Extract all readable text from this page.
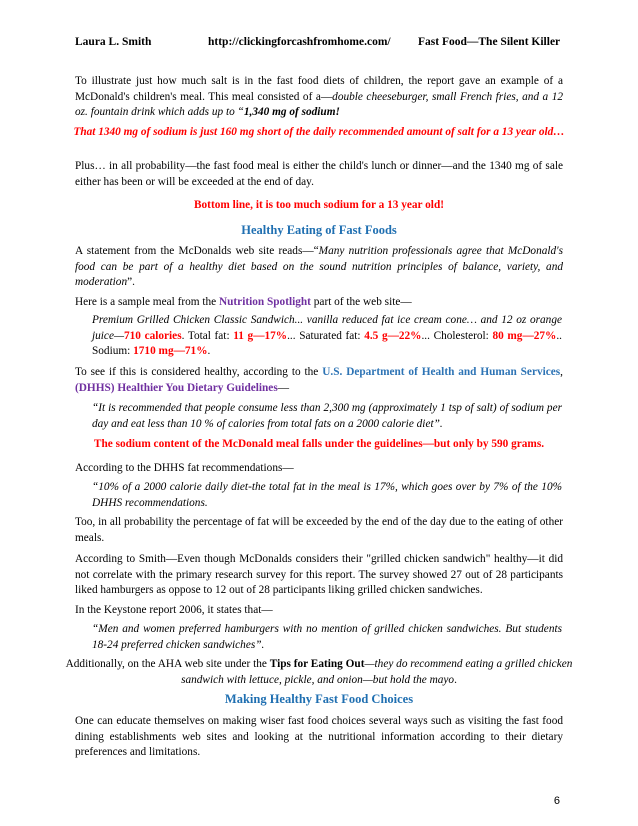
Laura L. Smith	http://clickingforcashfromhome.com/ Fast Food—The Silent Killer
To illustrate just how much salt is in the fast food diets of children, the report gave an example of a McDonald's children's meal. This meal consisted of a—double cheeseburger, small French fries, and a 12 oz. fountain drink which adds up to “1,340 mg of sodium!
That 1340 mg of sodium is just 160 mg short of the daily recommended amount of salt for a 13 year old…
Plus… in all probability—the fast food meal is either the child's lunch or dinner—and the 1340 mg of sale either has been or will be exceeded at the end of day.
Bottom line, it is too much sodium for a 13 year old!
Healthy Eating of Fast Foods
A statement from the McDonalds web site reads—“Many nutrition professionals agree that McDonald's food can be part of a healthy diet based on the sound nutrition principles of balance, variety, and moderation”.
Here is a sample meal from the Nutrition Spotlight part of the web site—
Premium Grilled Chicken Classic Sandwich... vanilla reduced fat ice cream cone… and 12 oz orange juice—710 calories. Total fat: 11 g—17%... Saturated fat: 4.5 g—22%... Cholesterol: 80 mg—27%.. Sodium: 1710 mg—71%.
To see if this is considered healthy, according to the U.S. Department of Health and Human Services, (DHHS) Healthier You Dietary Guidelines—
“It is recommended that people consume less than 2,300 mg (approximately 1 tsp of salt) of sodium per day and eat less than 10 % of calories from total fats on a 2000 calorie diet”.
The sodium content of the McDonald meal falls under the guidelines—but only by 590 grams.
According to the DHHS fat recommendations—
“10% of a 2000 calorie daily diet-the total fat in the meal is 17%, which goes over by 7% of the 10% DHHS recommendations.
Too, in all probability the percentage of fat will be exceeded by the end of the day due to the eating of other meals.
According to Smith—Even though McDonalds considers their "grilled chicken sandwich" healthy—it did not correlate with the primary research survey for this report. The survey showed 27 out of 28 participants liked hamburgers as oppose to 12 out of 28 participants liking grilled chicken sandwiches.
In the Keystone report 2006, it states that—
“Men and women preferred hamburgers with no mention of grilled chicken sandwiches. But students 18-24 preferred chicken sandwiches”.
Additionally, on the AHA web site under the Tips for Eating Out—they do recommend eating a grilled chicken sandwich with lettuce, pickle, and onion—but hold the mayo.
Making Healthy Fast Food Choices
One can educate themselves on making wiser fast food choices several ways such as visiting the fast food dining establishments web sites and looking at the nutritional information according to their dietary preferences and limitations.
6
